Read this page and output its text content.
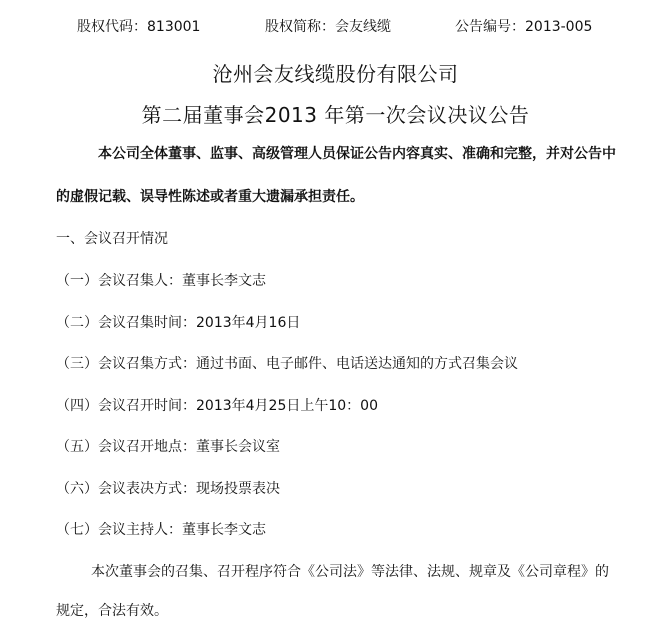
股权代码：813001	股权简称：会友线缆	公告编号：2013-005
沧州会友线缆股份有限公司
第二届董事会2013 年第一次会议决议公告
本公司全体董事、监事、高级管理人员保证公告内容真实、准确和完整，并对公告中
的虚假记载、误导性陈述或者重大遗漏承担责任。
一、会议召开情况
（一）会议召集人：董事长李文志
（二）会议召集时间：2013年4月16日
（三）会议召集方式：通过书面、电子邮件、电话送达通知的方式召集会议
（四）会议召开时间：2013年4月25日上午10：00
（五）会议召开地点：董事长会议室
（六）会议表决方式：现场投票表决
（七）会议主持人：董事长李文志
本次董事会的召集、召开程序符合《公司法》等法律、法规、规章及《公司章程》的
规定，合法有效。
